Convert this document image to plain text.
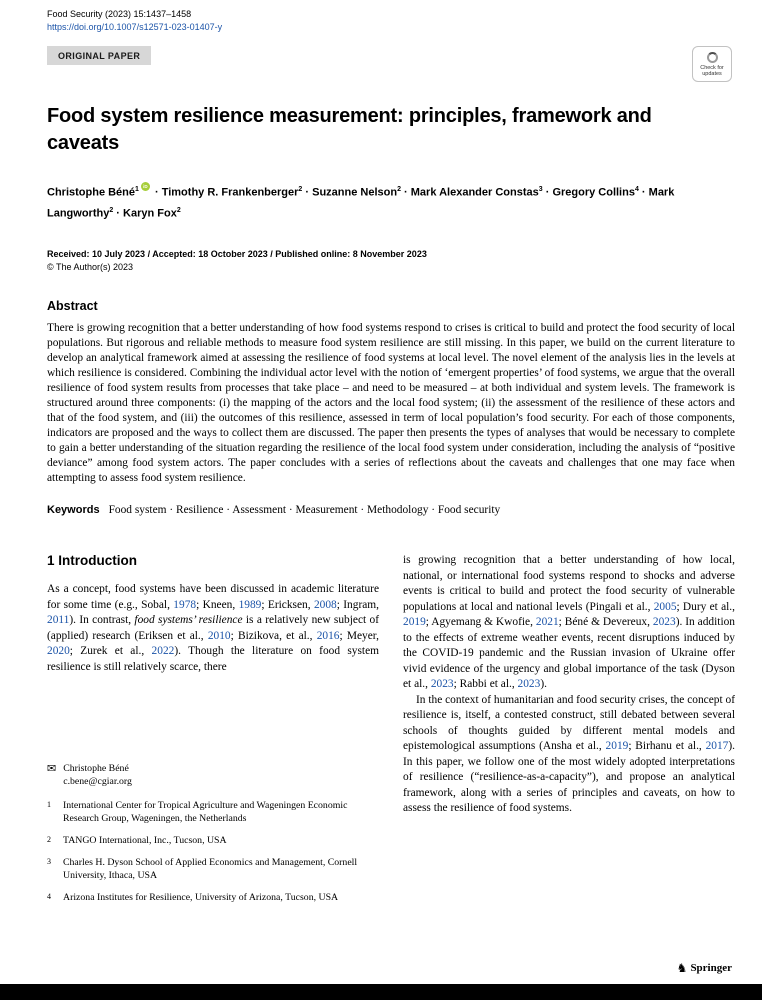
Food Security (2023) 15:1437–1458
https://doi.org/10.1007/s12571-023-01407-y
ORIGINAL PAPER
Check for updates
Food system resilience measurement: principles, framework and caveats
Christophe Béné$^1$iD · Timothy R. Frankenberger$^2$ · Suzanne Nelson$^2$ · Mark Alexander Constas$^3$ · Gregory Collins$^4$ · Mark Langworthy$^2$ · Karyn Fox$^2$
Received: 10 July 2023 / Accepted: 18 October 2023 / Published online: 8 November 2023
© The Author(s) 2023
Abstract

There is growing recognition that a better understanding of how food systems respond to crises is critical to build and protect the food security of local populations. But rigorous and reliable methods to measure food system resilience are still missing. In this paper, we build on the current literature to develop an analytical framework aimed at assessing the resilience of food systems at local level. The novel element of the analysis lies in the levels at which resilience is considered. Combining the individual actor level with the notion of ‘emergent properties’ of food systems, we argue that the overall resilience of food system results from processes that take place – and need to be measured – at both individual and system levels. The framework is structured around three components: (i) the mapping of the actors and the local food system; (ii) the assessment of the resilience of these actors and that of the food system, and (iii) the outcomes of this resilience, assessed in term of local population’s food security. For each of those components, indicators are proposed and the ways to collect them are discussed. The paper then presents the types of analyses that would be necessary to complete to gain a better understanding of the situation regarding the resilience of the local food system under consideration, including the analysis of “positive deviance” among food system actors. The paper concludes with a series of reflections about the caveats and challenges that one may face when attempting to assess food system resilience.

Keywords Food system · Resilience · Assessment · Measurement · Methodology · Food security
1 Introduction

As a concept, food systems have been discussed in academic literature for some time (e.g., Sobal, 1978; Kneen, 1989; Ericksen, 2008; Ingram, 2011). In contrast, food systems’ resilience is a relatively new subject of (applied) research (Eriksen et al., 2010; Bizikova, et al., 2016; Meyer, 2020; Zurek et al., 2022). Though the literature on food system resilience is still relatively scarce, there

✉ Christophe Béné
c.bene@cgiar.org
1	International Center for Tropical Agriculture and Wageningen Economic Research Group, Wageningen, the Netherlands
2	TANGO International, Inc., Tucson, USA
3	Charles H. Dyson School of Applied Economics and Management, Cornell University, Ithaca, USA
4	Arizona Institutes for Resilience, University of Arizona, Tucson, USA

is growing recognition that a better understanding of how local, national, or international food systems respond to shocks and adverse events is critical to build and protect the food security of vulnerable populations at local and national levels (Pingali et al., 2005; Dury et al., 2019; Agyemang & Kwofie, 2021; Béné & Devereux, 2023). In addition to the effects of extreme weather events, recent disruptions induced by the COVID-19 pandemic and the Russian invasion of Ukraine offer vivid evidence of the urgency and global importance of the task (Dyson et al., 2023; Rabbi et al., 2023).

In the context of humanitarian and food security crises, the concept of resilience is, itself, a contested construct, still debated between several schools of thoughts guided by different mental models and epistemological assumptions (Ansha et al., 2019; Birhanu et al., 2017). In this paper, we follow one of the most widely adopted interpretations of resilience (“resilience-as-a-capacity”), and propose an analytical framework, along with a series of principles and caveats, on how to assess the resilience of food systems.

♞ Springer
